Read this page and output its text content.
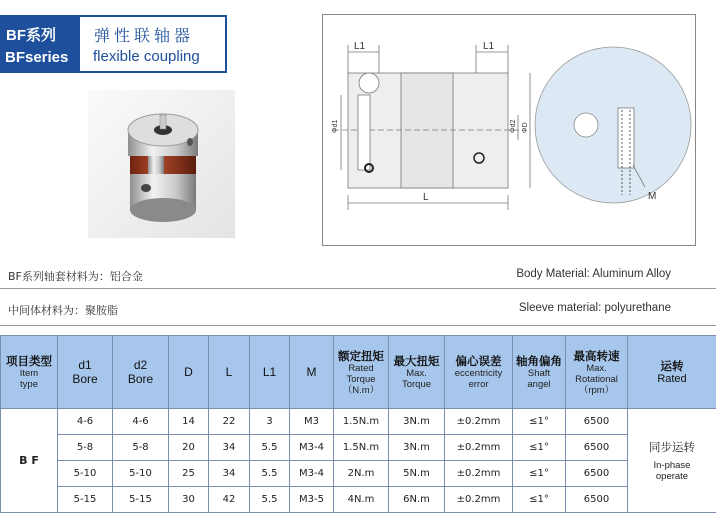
BF系列
BFseries
弹性联轴器
flexible coupling
L1	L1
Φd1	Φd2 ΦD
L	M
BF系列轴套材料为：铝合金	Body Material: Aluminum Alloy
中间体材料为：聚胺脂	Sleeve material: polyurethane
项目类型
Item
type	d1
Bore	d2
Bore	D	L	L1	M	额定扭矩
Rated
Torque
（N.m）	最大扭矩
Max.
Torque	偏心误差
eccentricity
error	轴角偏角
Shaft
angel	最高转速
Max.
Rotational
（rpm）	运转
Rated

B F	4-6	4-6	14	22	3	M3	1.5N.m	3N.m	±0.2mm	≤1°	6500	同步运转
In-phase
operate

	5-8	5-8	20	34	5.5	M3-4	1.5N.m	3N.m	±0.2mm	≤1°	6500	
	5-10	5-10	25	34	5.5	M3-4	2N.m	5N.m	±0.2mm	≤1°	6500	
	5-15	5-15	30	42	5.5	M3-5	4N.m	6N.m	±0.2mm	≤1°	6500	
